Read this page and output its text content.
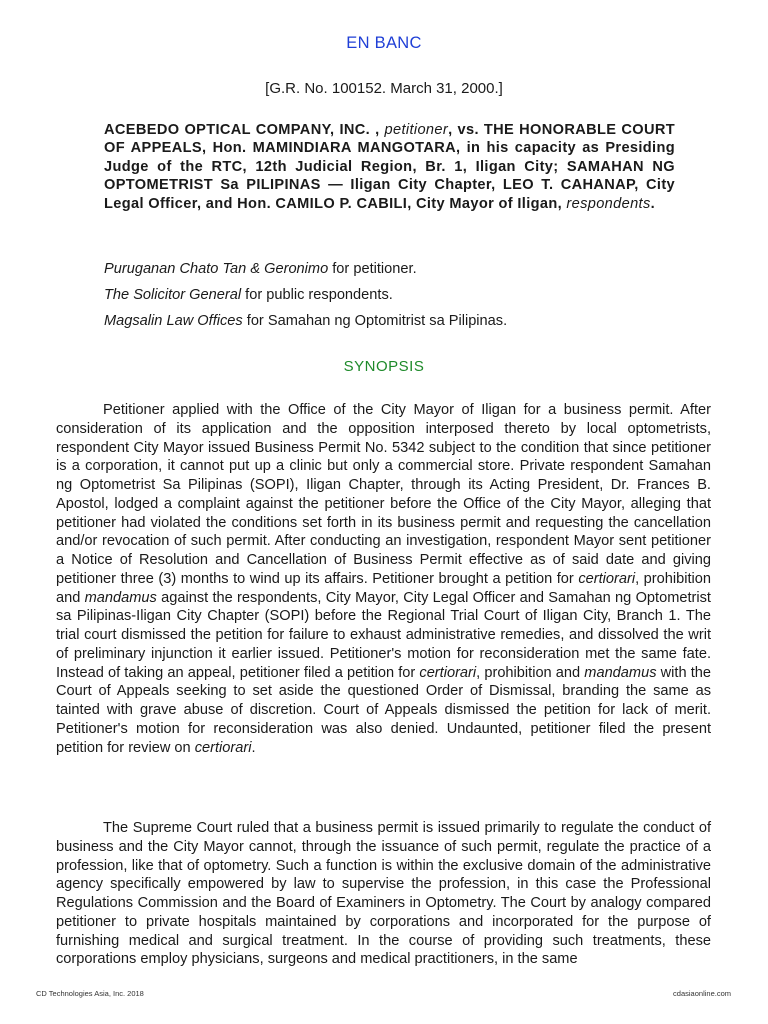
EN BANC
[G.R. No. 100152. March 31, 2000.]
ACEBEDO OPTICAL COMPANY, INC. , petitioner, vs. THE HONORABLE COURT OF APPEALS, Hon. MAMINDIARA MANGOTARA, in his capacity as Presiding Judge of the RTC, 12th Judicial Region, Br. 1, Iligan City; SAMAHAN NG OPTOMETRIST Sa PILIPINAS — Iligan City Chapter, LEO T. CAHANAP, City Legal Officer, and Hon. CAMILO P. CABILI, City Mayor of Iligan, respondents.
Puruganan Chato Tan & Geronimo for petitioner.
The Solicitor General for public respondents.
Magsalin Law Offices for Samahan ng Optomitrist sa Pilipinas.
SYNOPSIS

Petitioner applied with the Office of the City Mayor of Iligan for a business permit. After consideration of its application and the opposition interposed thereto by local optometrists, respondent City Mayor issued Business Permit No. 5342 subject to the condition that since petitioner is a corporation, it cannot put up a clinic but only a commercial store. Private respondent Samahan ng Optometrist Sa Pilipinas (SOPI), Iligan Chapter, through its Acting President, Dr. Frances B. Apostol, lodged a complaint against the petitioner before the Office of the City Mayor, alleging that petitioner had violated the conditions set forth in its business permit and requesting the cancellation and/or revocation of such permit. After conducting an investigation, respondent Mayor sent petitioner a Notice of Resolution and Cancellation of Business Permit effective as of said date and giving petitioner three (3) months to wind up its affairs. Petitioner brought a petition for certiorari, prohibition and mandamus against the respondents, City Mayor, City Legal Officer and Samahan ng Optometrist sa Pilipinas-Iligan City Chapter (SOPI) before the Regional Trial Court of Iligan City, Branch 1. The trial court dismissed the petition for failure to exhaust administrative remedies, and dissolved the writ of preliminary injunction it earlier issued. Petitioner's motion for reconsideration met the same fate. Instead of taking an appeal, petitioner filed a petition for certiorari, prohibition and mandamus with the Court of Appeals seeking to set aside the questioned Order of Dismissal, branding the same as tainted with grave abuse of discretion. Court of Appeals dismissed the petition for lack of merit. Petitioner's motion for reconsideration was also denied. Undaunted, petitioner filed the present petition for review on certiorari.

The Supreme Court ruled that a business permit is issued primarily to regulate the conduct of business and the City Mayor cannot, through the issuance of such permit, regulate the practice of a profession, like that of optometry. Such a function is within the exclusive domain of the administrative agency specifically empowered by law to supervise the profession, in this case the Professional Regulations Commission and the Board of Examiners in Optometry. The Court by analogy compared petitioner to private hospitals maintained by corporations and incorporated for the purpose of furnishing medical and surgical treatment. In the course of providing such treatments, these corporations employ physicians, surgeons and medical practitioners, in the same

CD Technologies Asia, Inc. 2018	cdasiaonline.com
